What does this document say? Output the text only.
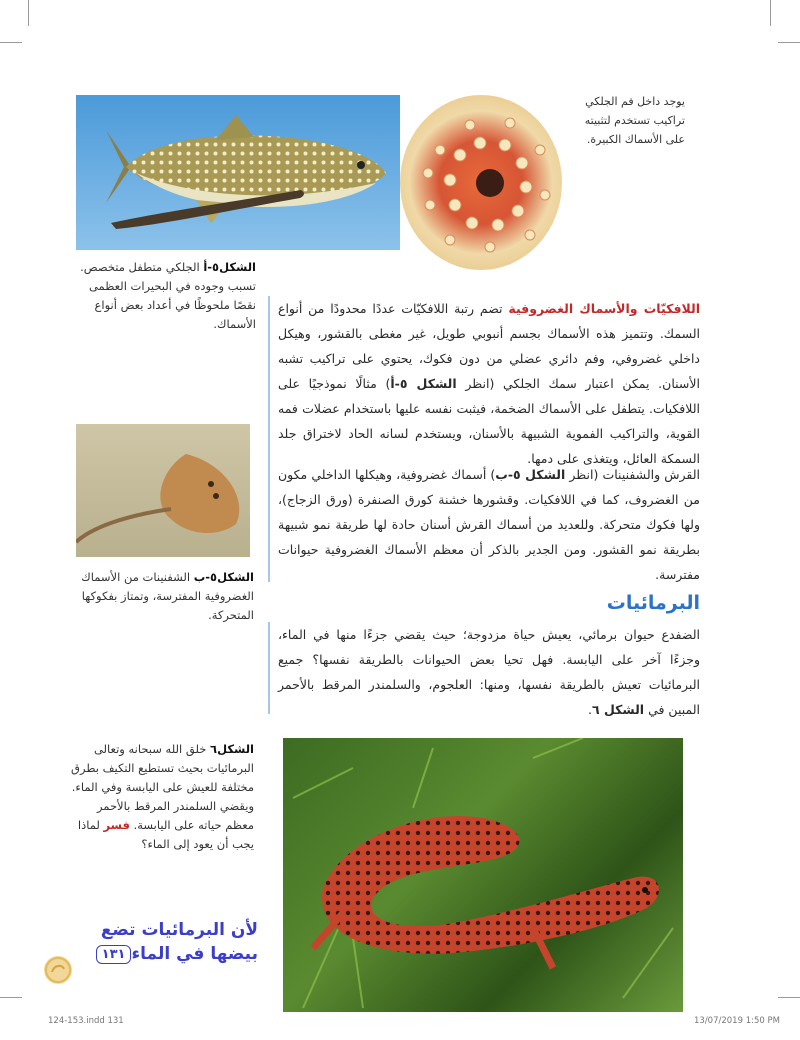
يوجد داخل فم الجلكي تراكيب تستخدم لتثبيته على الأسماك الكبيرة.
الشكل٥-أ الجلكي متطفل متخصص. تسبب وجوده في البحيرات العظمى نقصًا ملحوظًا في أعداد بعض أنواع الأسماك.
اللافكيّات والأسماك الغضروفية تضم رتبة اللافكيّات عددًا محدودًا من أنواع السمك. وتتميز هذه الأسماك بجسم أنبوبي طويل، غير مغطى بالقشور، وهيكل داخلي غضروفي، وفم دائري عضلي من دون فكوك، يحتوي على تراكيب تشبه الأسنان. يمكن اعتبار سمك الجلكي (انظر الشكل ٥-أ) مثالًا نموذجيًا على اللافكيات. يتطفل على الأسماك الضخمة، فيثبت نفسه عليها باستخدام عضلات فمه القوية، والتراكيب الفموية الشبيهة بالأسنان، ويستخدم لسانه الحاد لاختراق جلد السمكة العائل، ويتغذى على دمها.
القرش والشفنينات (انظر الشكل ٥-ب) أسماك غضروفية، وهيكلها الداخلي مكون من الغضروف، كما في اللافكيات. وقشورها خشنة كورق الصنفرة (ورق الزجاج)، ولها فكوك متحركة. وللعديد من أسماك القرش أسنان حادة لها طريقة نمو شبيهة بطريقة نمو القشور. ومن الجدير بالذكر أن معظم الأسماك الغضروفية حيوانات مفترسة.
الشكل٥-ب الشفنينات من الأسماك الغضروفية المفترسة، وتمتاز بفكوكها المتحركة.
البرمائيات
الضفدع حيوان برمائي، يعيش حياة مزدوجة؛ حيث يقضي جزءًا منها في الماء، وجزءًا آخر على اليابسة. فهل تحيا بعض الحيوانات بالطريقة نفسها؟ جميع البرمائيات تعيش بالطريقة نفسها، ومنها: العلجوم، والسلمندر المرقط بالأحمر المبين في الشكل ٦.
الشكل٦ خلق الله سبحانه وتعالى البرمائيات بحيث تستطيع التكيف بطرق مختلفة للعيش على اليابسة وفي الماء. ويقضي السلمندر المرقط بالأحمر معظم حياته على اليابسة. فسر لماذا يجب أن يعود إلى الماء؟
لأن البرمائيات تضع
بيضها في الماء١٣١
124-153.indd 131	13/07/2019 1:50 PM
